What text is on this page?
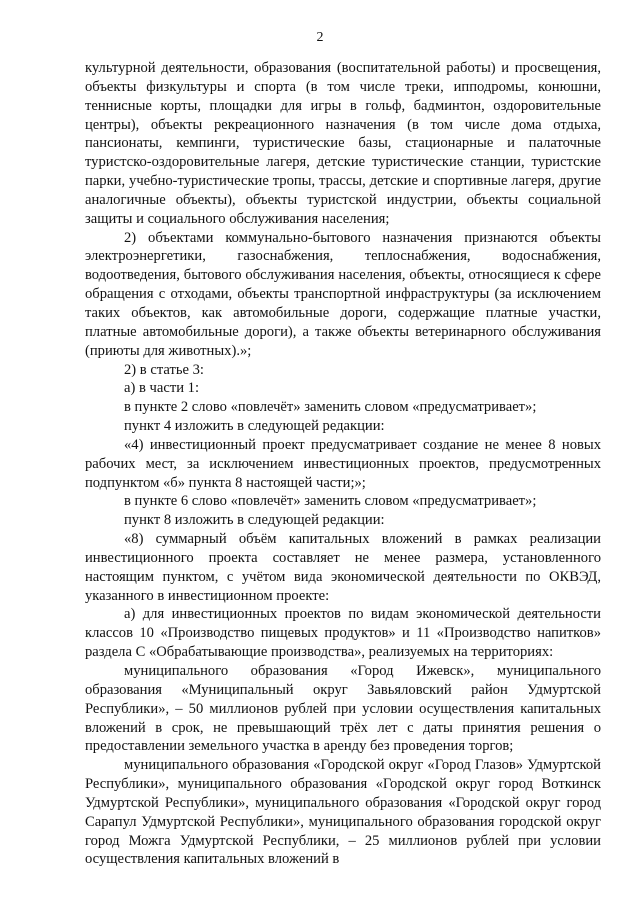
2

культурной деятельности, образования (воспитательной работы) и просвещения, объекты физкультуры и спорта (в том числе треки, ипподромы, конюшни, теннисные корты, площадки для игры в гольф, бадминтон, оздоровительные центры), объекты рекреационного назначения (в том числе дома отдыха, пансионаты, кемпинги, туристические базы, стационарные и палаточные туристско-оздоровительные лагеря, детские туристические станции, туристские парки, учебно-туристические тропы, трассы, детские и спортивные лагеря, другие аналогичные объекты), объекты туристской индустрии, объекты социальной защиты и социального обслуживания населения;

2) объектами коммунально-бытового назначения признаются объекты электроэнергетики, газоснабжения, теплоснабжения, водоснабжения, водоотведения, бытового обслуживания населения, объекты, относящиеся к сфере обращения с отходами, объекты транспортной инфраструктуры (за исключением таких объектов, как автомобильные дороги, содержащие платные участки, платные автомобильные дороги), а также объекты ветеринарного обслуживания (приюты для животных).»;

2) в статье 3:

а) в части 1:

в пункте 2 слово «повлечёт» заменить словом «предусматривает»;

пункт 4 изложить в следующей редакции:

«4) инвестиционный проект предусматривает создание не менее 8 новых рабочих мест, за исключением инвестиционных проектов, предусмотренных подпунктом «б» пункта 8 настоящей части;»;

в пункте 6 слово «повлечёт» заменить словом «предусматривает»;

пункт 8 изложить в следующей редакции:

«8) суммарный объём капитальных вложений в рамках реализации инвестиционного проекта составляет не менее размера, установленного настоящим пунктом, с учётом вида экономической деятельности по ОКВЭД, указанного в инвестиционном проекте:

а) для инвестиционных проектов по видам экономической деятельности классов 10 «Производство пищевых продуктов» и 11 «Производство напитков» раздела С «Обрабатывающие производства», реализуемых на территориях:

муниципального образования «Город Ижевск», муниципального образования «Муниципальный округ Завьяловский район Удмуртской Республики», – 50 миллионов рублей при условии осуществления капитальных вложений в срок, не превышающий трёх лет с даты принятия решения о предоставлении земельного участка в аренду без проведения торгов;

муниципального образования «Городской округ «Город Глазов» Удмуртской Республики», муниципального образования «Городской округ город Воткинск Удмуртской Республики», муниципального образования «Городской округ город Сарапул Удмуртской Республики», муниципального образования городской округ город Можга Удмуртской Республики, – 25 миллионов рублей при условии осуществления капитальных вложений в
